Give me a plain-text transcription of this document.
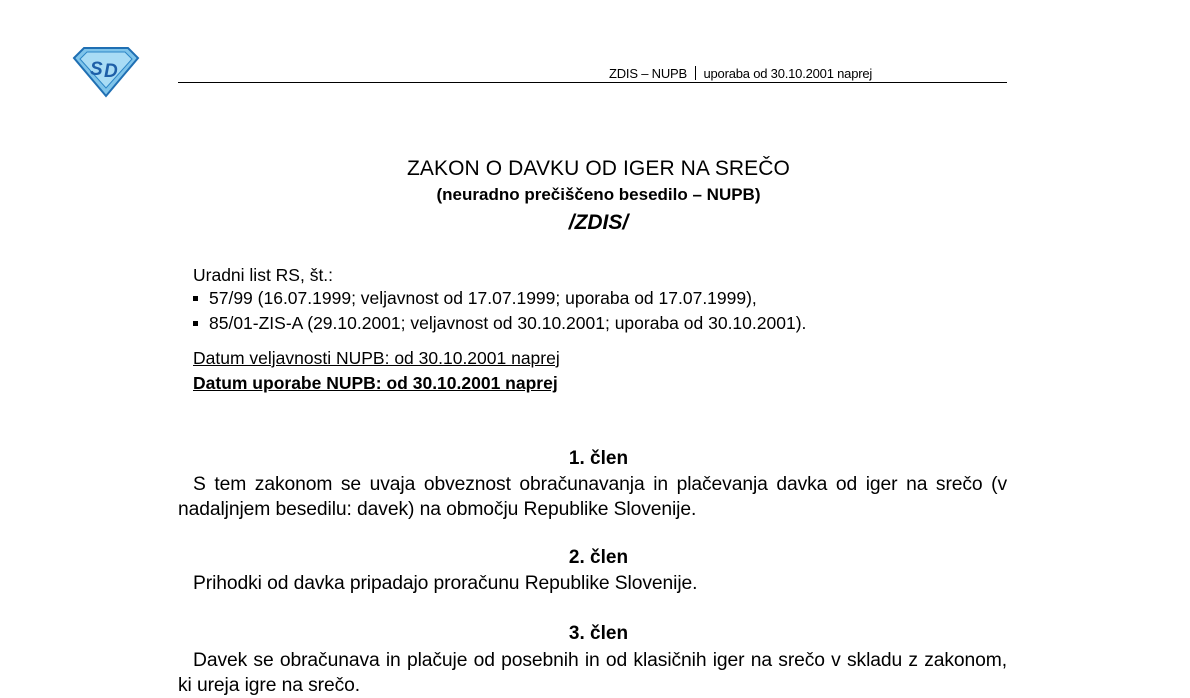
S D	ZDIS – NUPB uporaba od 30.10.2001 naprej
ZAKON O DAVKU OD IGER NA SREČO
(neuradno prečiščeno besedilo – NUPB)
/ZDIS/
Uradni list RS, št.:
57/99 (16.07.1999; veljavnost od 17.07.1999; uporaba od 17.07.1999),
85/01-ZIS-A (29.10.2001; veljavnost od 30.10.2001; uporaba od 30.10.2001).
Datum veljavnosti NUPB: od 30.10.2001 naprej
Datum uporabe NUPB: od 30.10.2001 naprej
1. člen
S tem zakonom se uvaja obveznost obračunavanja in plačevanja davka od iger na srečo (v nadaljnjem besedilu: davek) na območju Republike Slovenije.
2. člen
Prihodki od davka pripadajo proračunu Republike Slovenije.
3. člen
Davek se obračunava in plačuje od posebnih in od klasičnih iger na srečo v skladu z zakonom, ki ureja igre na srečo.
